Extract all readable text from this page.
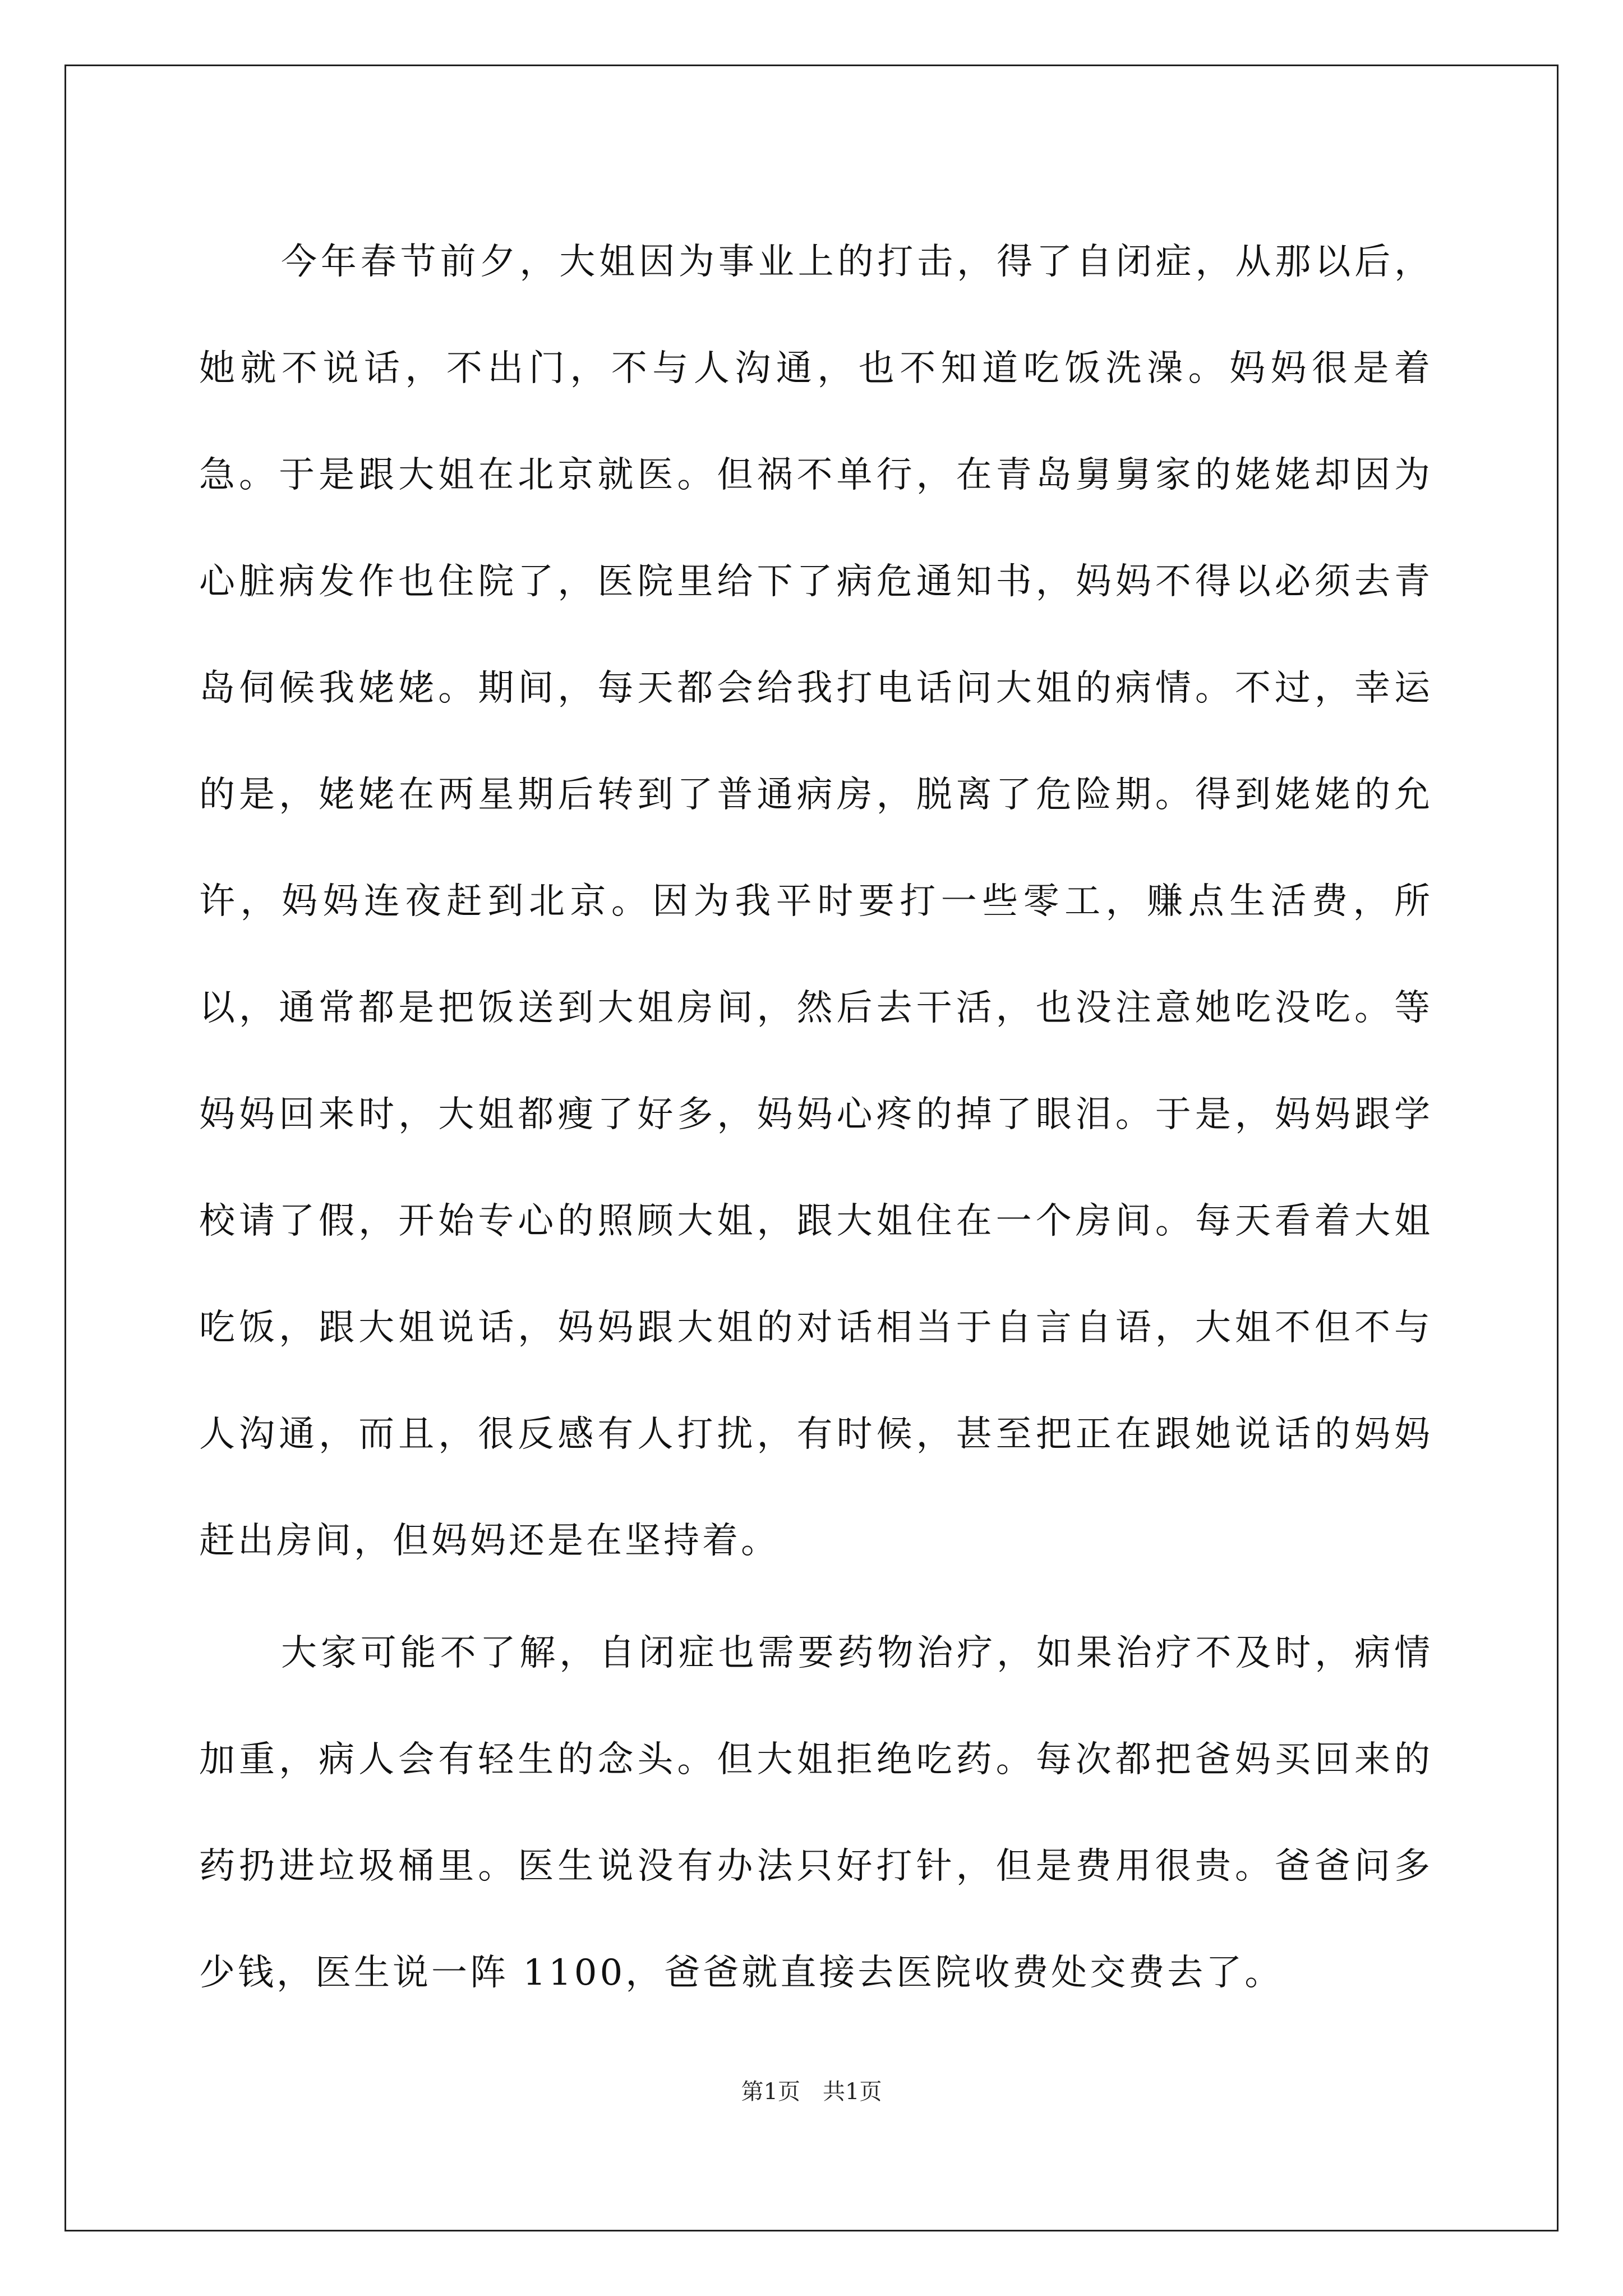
今年春节前夕，大姐因为事业上的打击，得了自闭症，从那以后，她就不说话，不出门，不与人沟通，也不知道吃饭洗澡。妈妈很是着急。于是跟大姐在北京就医。但祸不单行，在青岛舅舅家的姥姥却因为心脏病发作也住院了，医院里给下了病危通知书，妈妈不得以必须去青岛伺候我姥姥。期间，每天都会给我打电话问大姐的病情。不过，幸运的是，姥姥在两星期后转到了普通病房，脱离了危险期。得到姥姥的允许，妈妈连夜赶到北京。因为我平时要打一些零工，赚点生活费，所以，通常都是把饭送到大姐房间，然后去干活，也没注意她吃没吃。等妈妈回来时，大姐都瘦了好多，妈妈心疼的掉了眼泪。于是，妈妈跟学校请了假，开始专心的照顾大姐，跟大姐住在一个房间。每天看着大姐吃饭，跟大姐说话，妈妈跟大姐的对话相当于自言自语，大姐不但不与人沟通，而且，很反感有人打扰，有时候，甚至把正在跟她说话的妈妈赶出房间，但妈妈还是在坚持着。

大家可能不了解，自闭症也需要药物治疗，如果治疗不及时，病情加重，病人会有轻生的念头。但大姐拒绝吃药。每次都把爸妈买回来的药扔进垃圾桶里。医生说没有办法只好打针，但是费用很贵。爸爸问多少钱，医生说一阵 1100，爸爸就直接去医院收费处交费去了。

第1页 共1页
